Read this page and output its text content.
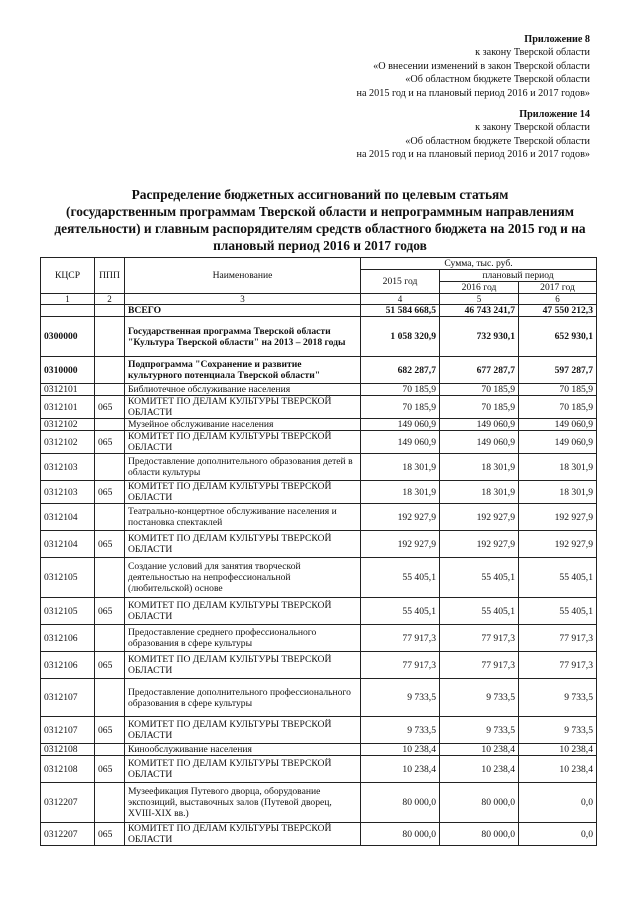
Приложение 8
к закону Тверской области
«О внесении изменений в закон Тверской области
«Об областном бюджете Тверской области
на 2015 год и на плановый период 2016 и 2017 годов»
Приложение 14
к закону Тверской области
«Об областном бюджете Тверской области
на 2015 год и на плановый период 2016 и 2017 годов»
Распределение бюджетных ассигнований по целевым статьям
(государственным программам Тверской области и непрограммным направлениям
деятельности) и главным распорядителям средств областного бюджета на 2015 год и на
плановый период 2016 и 2017 годов
КЦСР	ППП	Наименование	Сумма, тыс. руб.		
			2015 год	плановый период	
				2016 год	2017 год
1	2	3	4	5	6
		ВСЕГО	51 584 668,5	46 743 241,7	47 550 212,3
0300000		Государственная программа Тверской области "Культура Тверской области" на 2013 – 2018 годы	1 058 320,9	732 930,1	652 930,1
0310000		Подпрограмма "Сохранение и развитие культурного потенциала Тверской области"	682 287,7	677 287,7	597 287,7
0312101		Библиотечное обслуживание населения	70 185,9	70 185,9	70 185,9
0312101	065	КОМИТЕТ ПО ДЕЛАМ КУЛЬТУРЫ ТВЕРСКОЙ ОБЛАСТИ	70 185,9	70 185,9	70 185,9
0312102		Музейное обслуживание населения	149 060,9	149 060,9	149 060,9
0312102	065	КОМИТЕТ ПО ДЕЛАМ КУЛЬТУРЫ ТВЕРСКОЙ ОБЛАСТИ	149 060,9	149 060,9	149 060,9
0312103		Предоставление дополнительного образования детей в области культуры	18 301,9	18 301,9	18 301,9
0312103	065	КОМИТЕТ ПО ДЕЛАМ КУЛЬТУРЫ ТВЕРСКОЙ ОБЛАСТИ	18 301,9	18 301,9	18 301,9
0312104		Театрально-концертное обслуживание населения и постановка спектаклей	192 927,9	192 927,9	192 927,9
0312104	065	КОМИТЕТ ПО ДЕЛАМ КУЛЬТУРЫ ТВЕРСКОЙ ОБЛАСТИ	192 927,9	192 927,9	192 927,9
0312105		Создание условий для занятия творческой деятельностью на непрофессиональной (любительской) основе	55 405,1	55 405,1	55 405,1
0312105	065	КОМИТЕТ ПО ДЕЛАМ КУЛЬТУРЫ ТВЕРСКОЙ ОБЛАСТИ	55 405,1	55 405,1	55 405,1
0312106		Предоставление среднего профессионального образования в сфере культуры	77 917,3	77 917,3	77 917,3
0312106	065	КОМИТЕТ ПО ДЕЛАМ КУЛЬТУРЫ ТВЕРСКОЙ ОБЛАСТИ	77 917,3	77 917,3	77 917,3
0312107		Предоставление дополнительного профессионального образования в сфере культуры	9 733,5	9 733,5	9 733,5
0312107	065	КОМИТЕТ ПО ДЕЛАМ КУЛЬТУРЫ ТВЕРСКОЙ ОБЛАСТИ	9 733,5	9 733,5	9 733,5
0312108		Кинообслуживание населения	10 238,4	10 238,4	10 238,4
0312108	065	КОМИТЕТ ПО ДЕЛАМ КУЛЬТУРЫ ТВЕРСКОЙ ОБЛАСТИ	10 238,4	10 238,4	10 238,4
0312207		Музеефикация Путевого дворца, оборудование экспозиций, выставочных залов (Путевой дворец, XVIII-XIX вв.)	80 000,0	80 000,0	0,0
0312207	065	КОМИТЕТ ПО ДЕЛАМ КУЛЬТУРЫ ТВЕРСКОЙ ОБЛАСТИ	80 000,0	80 000,0	0,0
